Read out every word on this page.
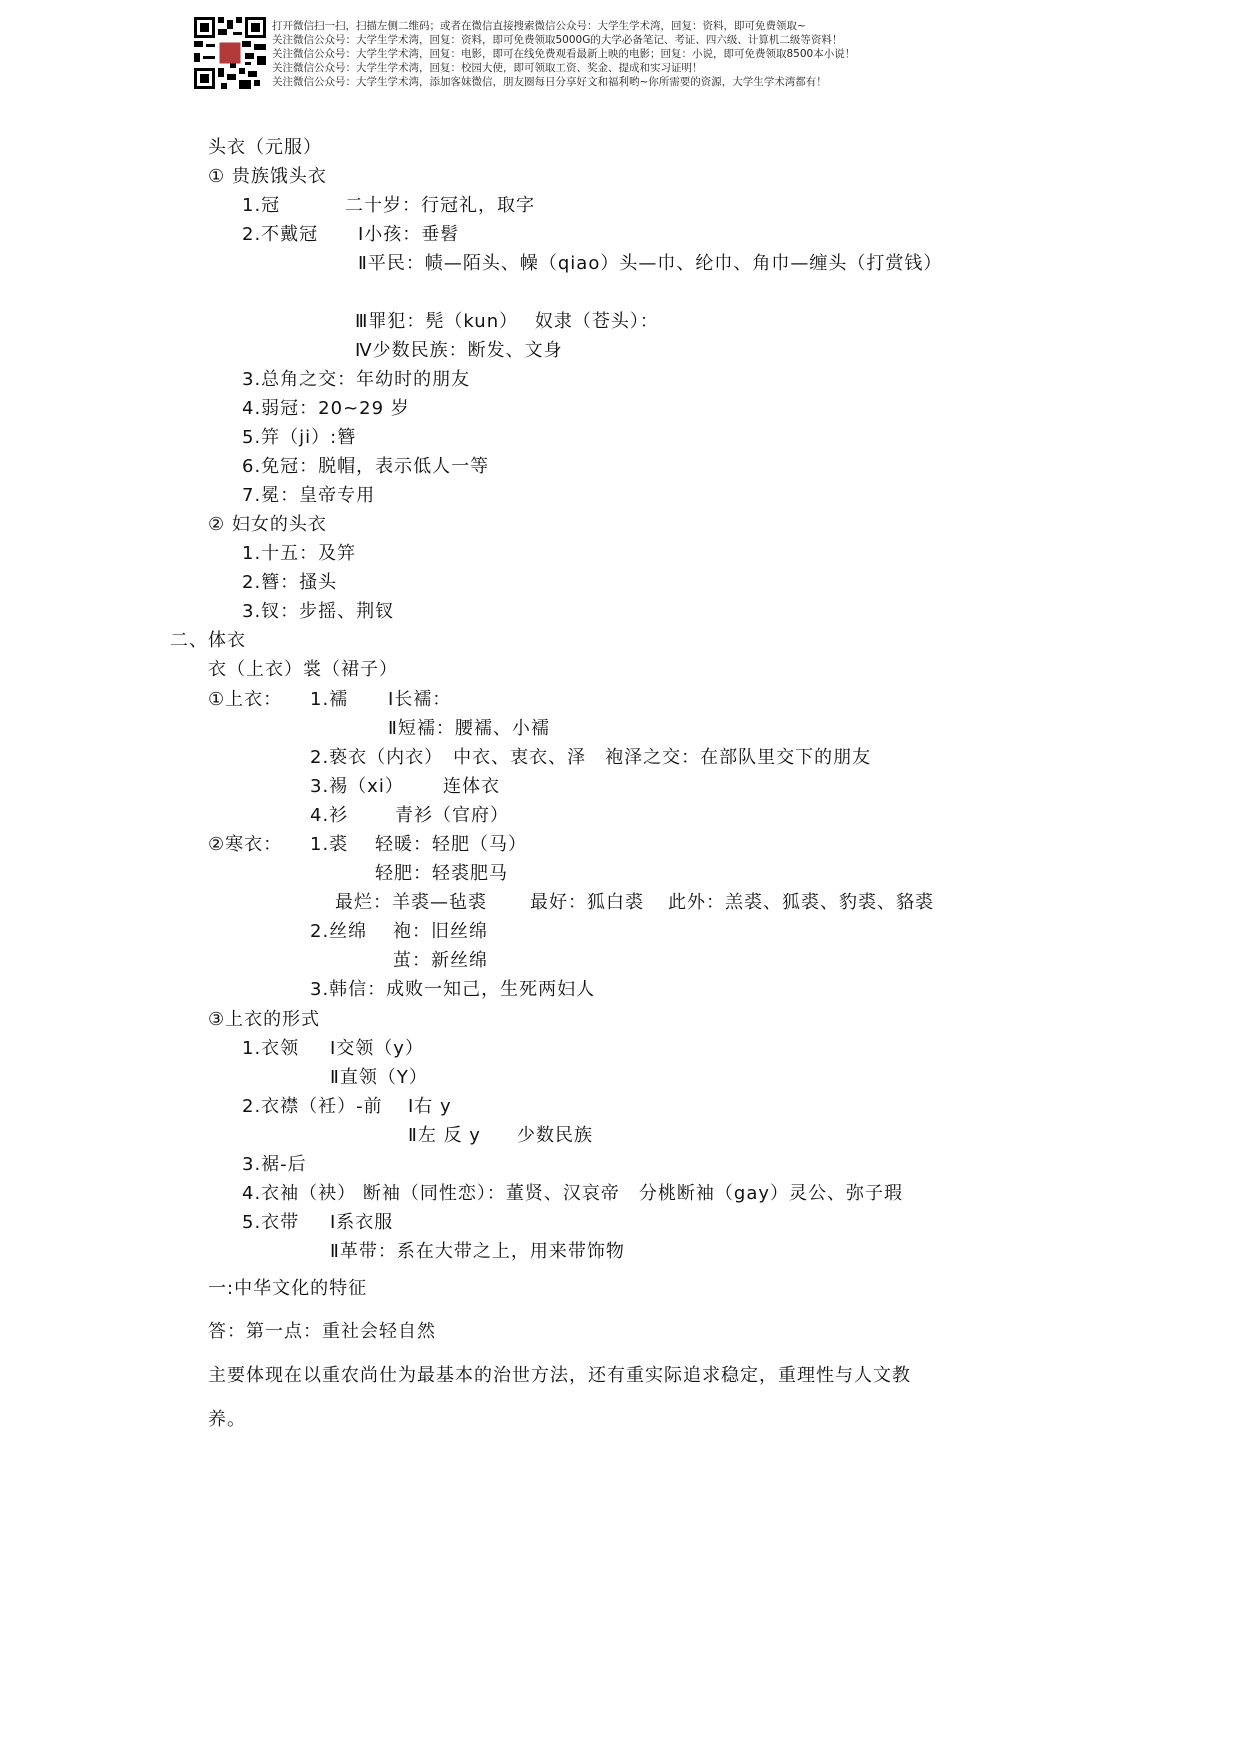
打开微信扫一扫，扫描左侧二维码；或者在微信直接搜索微信公众号：大学生学术湾，回复：资料，即可免费领取~
关注微信公众号：大学生学术湾，回复：资料，即可免费领取5000G的大学必备笔记、考证、四六级、计算机二级等资料！
关注微信公众号：大学生学术湾，回复：电影，即可在线免费观看最新上映的电影；回复：小说，即可免费领取8500本小说！
关注微信公众号：大学生学术湾，回复：校园大使，即可领取工资、奖金、提成和实习证明！
关注微信公众号：大学生学术湾，添加客妹微信，朋友圈每日分享好文和福利哟~你所需要的资源，大学生学术湾都有！
头衣（元服）
① 贵族饿头衣
1.冠	二十岁：行冠礼，取字
2.不戴冠 Ⅰ小孩：垂髫
Ⅱ平民：帻—陌头、幧（qiao）头—巾、纶巾、角巾—缠头（打赏钱）
Ⅲ罪犯：髡（kun）　 奴隶（苍头）：
Ⅳ少数民族：断发、文身
3.总角之交：年幼时的朋友
4.弱冠：20~29 岁
5.笄（ji）:簪
6.免冠：脱帽，表示低人一等
7.冕：皇帝专用
② 妇女的头衣
1.十五：及笄
2.簪：搔头
3.钗：步摇、荆钗
二、体衣
衣（上衣）裳（裙子）
①上衣： 1.襦 Ⅰ长襦：
Ⅱ短襦：腰襦、小襦
2.亵衣（内衣）　中衣、衷衣、泽　袍泽之交：在部队里交下的朋友
3.裼（xi） 连体衣
4.衫	青衫（官府）
②寒衣： 1.裘 轻暖：轻肥（马）
轻肥：轻裘肥马
最烂：羊裘—毡裘 最好：狐白裘 此外：羔裘、狐裘、豹裘、貉裘
2.丝绵 袍：旧丝绵
茧：新丝绵
3.韩信：成败一知己，生死两妇人
③上衣的形式
1.衣领 Ⅰ交领（y）
Ⅱ直领（Y）
2.衣襟（衽）-前 Ⅰ右 y
Ⅱ左 反 y 少数民族
3.裾-后
4.衣袖（袂） 断袖（同性恋）：董贤、汉哀帝　分桃断袖（gay）灵公、弥子瑕
5.衣带 Ⅰ系衣服
Ⅱ革带：系在大带之上，用来带饰物
一:中华文化的特征
答：第一点：重社会轻自然
主要体现在以重农尚仕为最基本的治世方法，还有重实际追求稳定，重理性与人文教
养。
